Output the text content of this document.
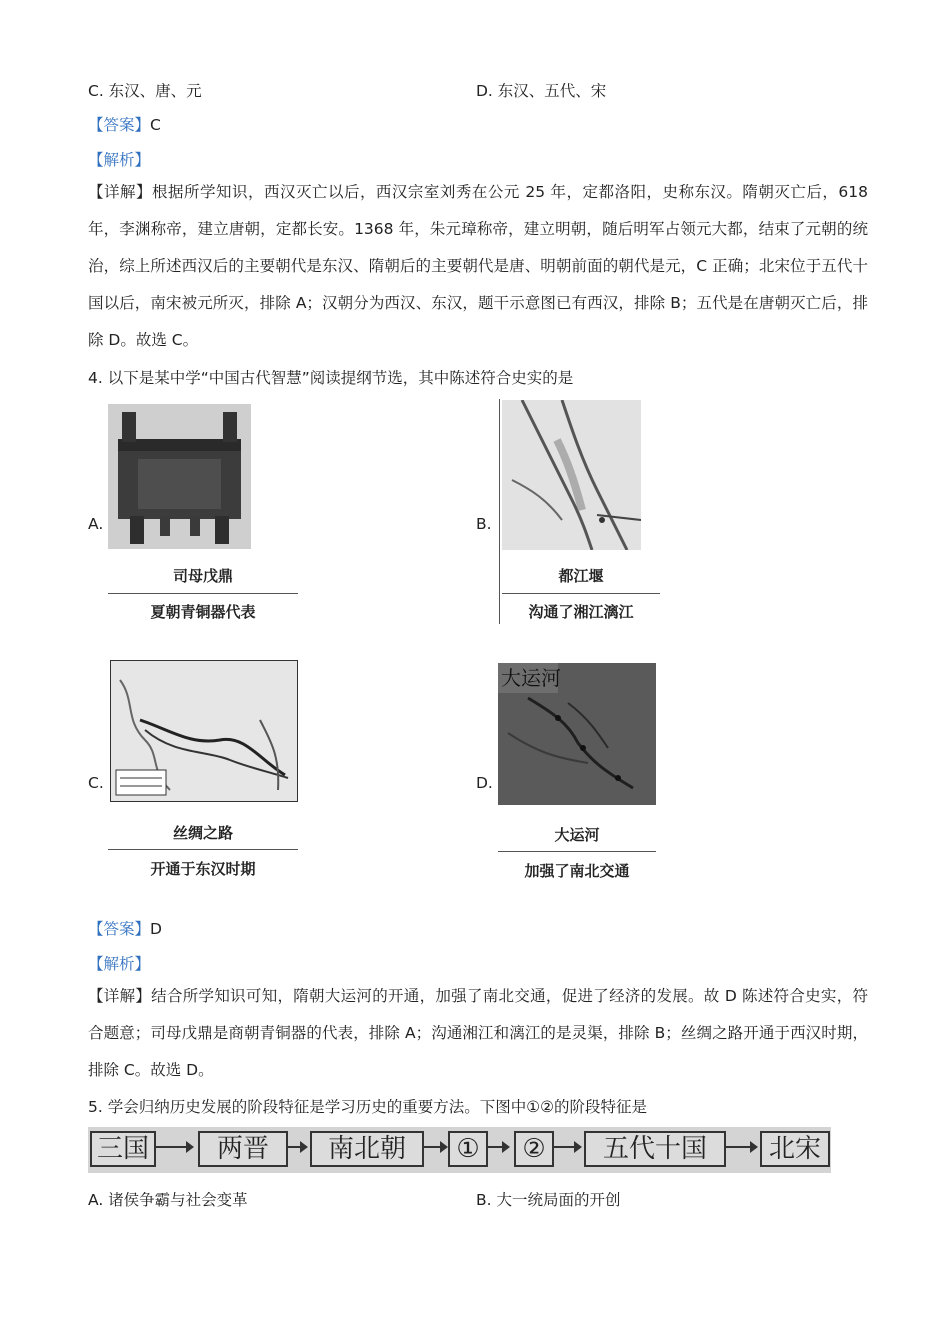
C. 东汉、唐、元	D. 东汉、五代、宋
【答案】C
【解析】
【详解】根据所学知识，西汉灭亡以后，西汉宗室刘秀在公元 25 年，定都洛阳，史称东汉。隋朝灭亡后，618 年，李渊称帝，建立唐朝，定都长安。1368 年，朱元璋称帝，建立明朝，随后明军占领元大都，结束了元朝的统治，综上所述西汉后的主要朝代是东汉、隋朝后的主要朝代是唐、明朝前面的朝代是元，C 正确；北宋位于五代十国以后，南宋被元所灭，排除 A；汉朝分为西汉、东汉，题干示意图已有西汉，排除 B；五代是在唐朝灭亡后，排除 D。故选 C。
4. 以下是某中学“中国古代智慧”阅读提纲节选，其中陈述符合史实的是
A.
司母戊鼎
夏朝青铜器代表
B.
都江堰
沟通了湘江漓江
C.
丝绸之路
开通于东汉时期
D.
大运河
大运河
加强了南北交通
【答案】D
【解析】
【详解】结合所学知识可知，隋朝大运河的开通，加强了南北交通，促进了经济的发展。故 D 陈述符合史实，符合题意；司母戊鼎是商朝青铜器的代表，排除 A；沟通湘江和漓江的是灵渠，排除 B；丝绸之路开通于西汉时期，排除 C。故选 D。
5. 学会归纳历史发展的阶段特征是学习历史的重要方法。下图中①②的阶段特征是
三国	两晋	南北朝	①	②	五代十国	北宋
A. 诸侯争霸与社会变革	B. 大一统局面的开创
